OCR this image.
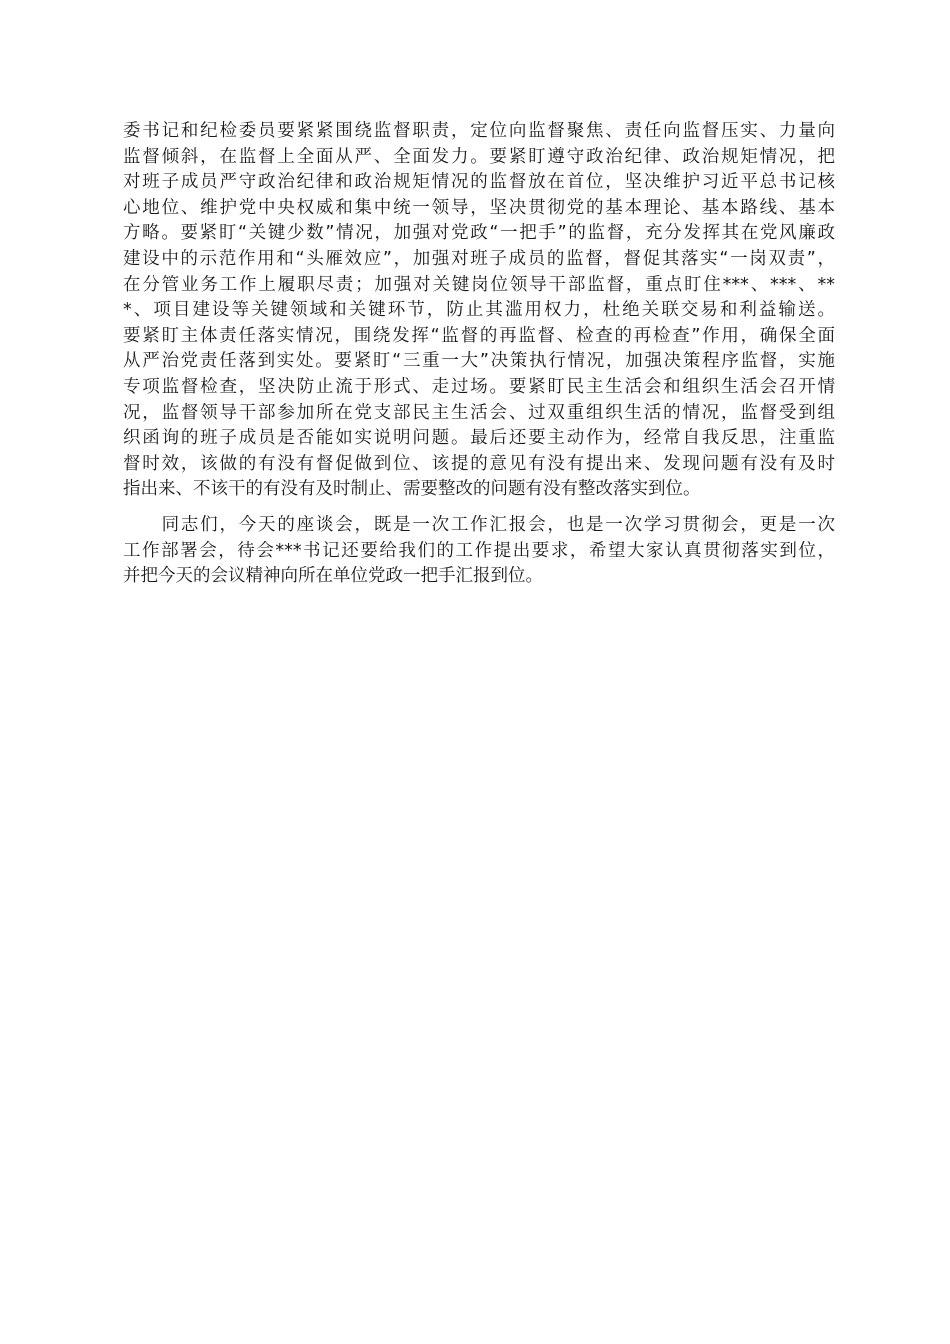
委书记和纪检委员要紧紧围绕监督职责，定位向监督聚焦、责任向监督压实、力量向
监督倾斜，在监督上全面从严、全面发力。要紧盯遵守政治纪律、政治规矩情况，把
对班子成员严守政治纪律和政治规矩情况的监督放在首位，坚决维护习近平总书记核
心地位、维护党中央权威和集中统一领导，坚决贯彻党的基本理论、基本路线、基本
方略。要紧盯“关键少数”情况，加强对党政“一把手”的监督，充分发挥其在党风廉政
建设中的示范作用和“头雁效应”，加强对班子成员的监督，督促其落实“一岗双责”，
在分管业务工作上履职尽责；加强对关键岗位领导干部监督，重点盯住***、***、**
*、项目建设等关键领域和关键环节，防止其滥用权力，杜绝关联交易和利益输送。
要紧盯主体责任落实情况，围绕发挥“监督的再监督、检查的再检查”作用，确保全面
从严治党责任落到实处。要紧盯“三重一大”决策执行情况，加强决策程序监督，实施
专项监督检查，坚决防止流于形式、走过场。要紧盯民主生活会和组织生活会召开情
况，监督领导干部参加所在党支部民主生活会、过双重组织生活的情况，监督受到组
织函询的班子成员是否能如实说明问题。最后还要主动作为，经常自我反思，注重监
督时效，该做的有没有督促做到位、该提的意见有没有提出来、发现问题有没有及时
指出来、不该干的有没有及时制止、需要整改的问题有没有整改落实到位。
　　同志们，今天的座谈会，既是一次工作汇报会，也是一次学习贯彻会，更是一次
工作部署会，待会***书记还要给我们的工作提出要求，希望大家认真贯彻落实到位，
并把今天的会议精神向所在单位党政一把手汇报到位。
